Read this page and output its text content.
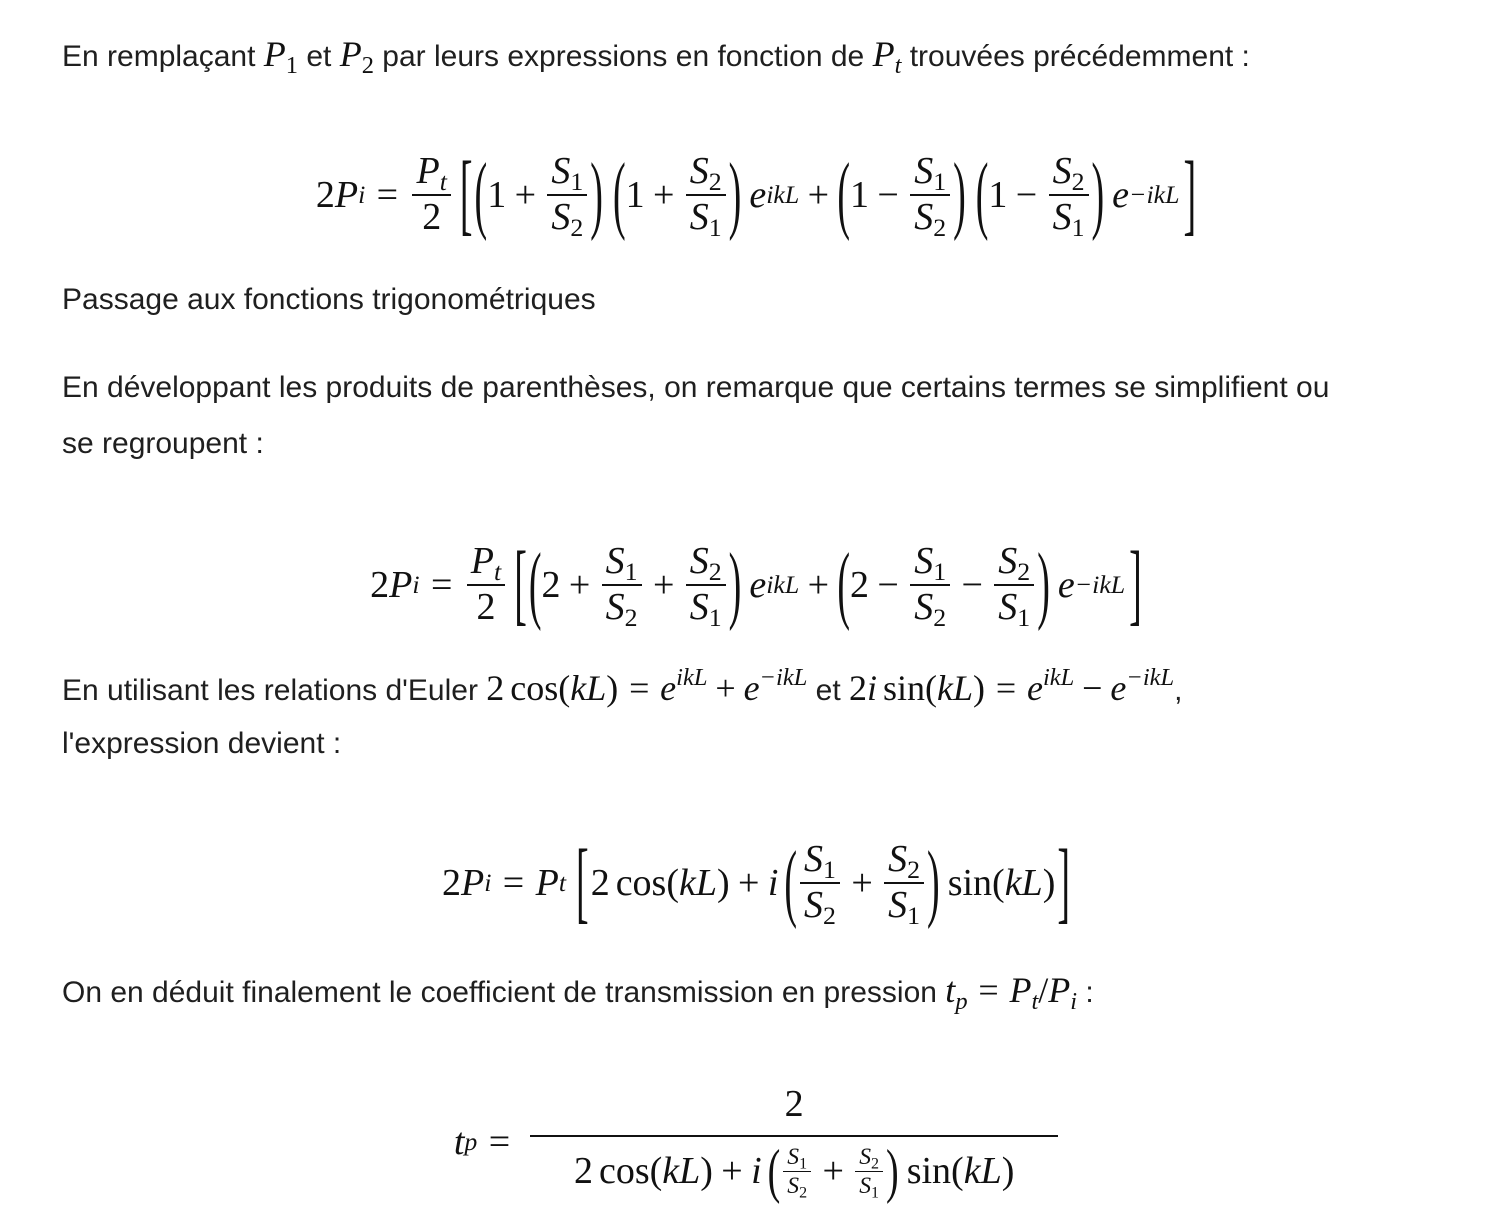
En remplaçant $P_1$ et $P_2$ par leurs expressions en fonction de $P_t$ trouvées précédemment :
2 P $i = \frac{P_t}{2}$ [ ( $1 + \frac{S_1}{S_2}$ ) ( $1 + \frac{S_2}{S_1}$ ) e ikL + ( $1 - \frac{S_1}{S_2}$ ) ( $1 - \frac{S_2}{S_1}$ ) e −ikL ]
Passage aux fonctions trigonométriques
En développant les produits de parenthèses, on remarque que certains termes se simplifient ou
se regroupent :
2 P $i = \frac{P_t}{2}$ [ ( $2 + \frac{S_1}{S_2} + \frac{S_2}{S_1}$ ) e ikL + ( $2 - \frac{S_1}{S_2} - \frac{S_2}{S_1}$ ) e −ikL ]
En utilisant les relations d'Euler 2 $\cos(kL) = e^{ikL} + e^{-ikL}$ et 2i $\sin(kL) = e^{ikL} - e^{-ikL}$,
l'expression devient :
2 P i = P t [ 2 cos( kL ) + i ( $\frac{S_1}{S_2} + \frac{S_2}{S_1}$ ) sin( kL ) ]
On en déduit finalement le coefficient de transmission en pression $t_p = P_t/P_i$ :
t p =
2
2 cos( kL ) + i ( $\frac{S_1}{S_2} + \frac{S_2}{S_1}$ ) sin( kL )
